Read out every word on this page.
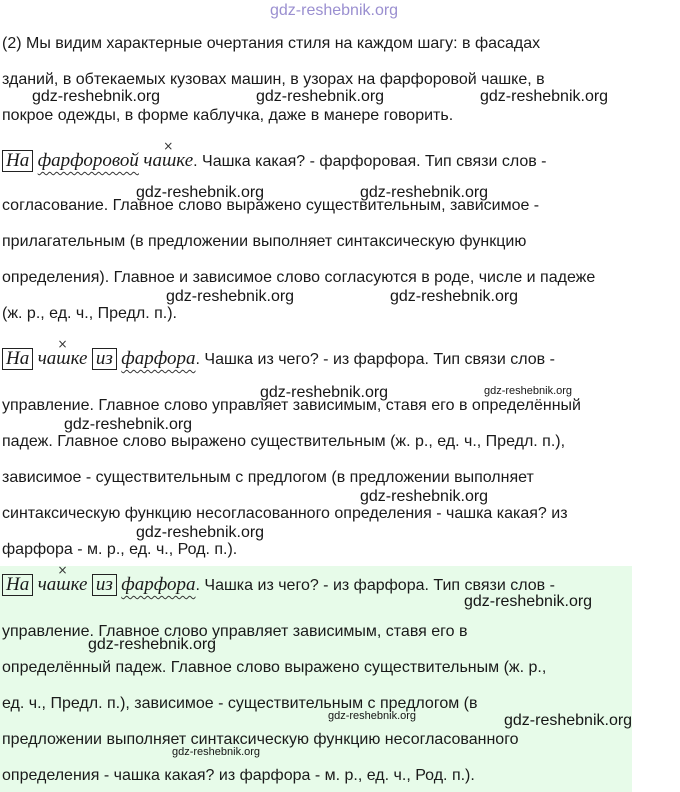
gdz-reshebnik.org

(2) Мы видим характерные очертания стиля на каждом шагу: в фасадах

зданий, в обтекаемых кузовах машин, в узорах на фарфоровой чашке, в

покрое одежды, в форме каблучка, даже в манере говорить.

На фарфоровой
×
чашке. Чашка какая? - фарфоровая. Тип связи слов -

согласование. Главное слово выражено существительным, зависимое -

прилагательным (в предложении выполняет синтаксическую функцию

определения). Главное и зависимое слово согласуются в роде, числе и падеже

(ж. р., ед. ч., Предл. п.).

На
×
чашке из фарфора. Чашка из чего? - из фарфора. Тип связи слов -

управление. Главное слово управляет зависимым, ставя его в определённый

падеж. Главное слово выражено существительным (ж. р., ед. ч., Предл. п.),

зависимое - существительным с предлогом (в предложении выполняет

синтаксическую функцию несогласованного определения - чашка какая? из

фарфора - м. р., ед. ч., Род. п.).

На
×
чашке из фарфора. Чашка из чего? - из фарфора. Тип связи слов -

управление. Главное слово управляет зависимым, ставя его в

определённый падеж. Главное слово выражено существительным (ж. р.,

ед. ч., Предл. п.), зависимое - существительным с предлогом (в

предложении выполняет синтаксическую функцию несогласованного

определения - чашка какая? из фарфора - м. р., ед. ч., Род. п.).

gdz-reshebnik.org	gdz-reshebnik.org	gdz-reshebnik.org
gdz-reshebnik.org	gdz-reshebnik.org
gdz-reshebnik.org	gdz-reshebnik.org
gdz-reshebnik.org	gdz-reshebnik.org
gdz-reshebnik.org
gdz-reshebnik.org
gdz-reshebnik.org
gdz-reshebnik.org
gdz-reshebnik.org
gdz-reshebnik.org	gdz-reshebnik.org
gdz-reshebnik.org
